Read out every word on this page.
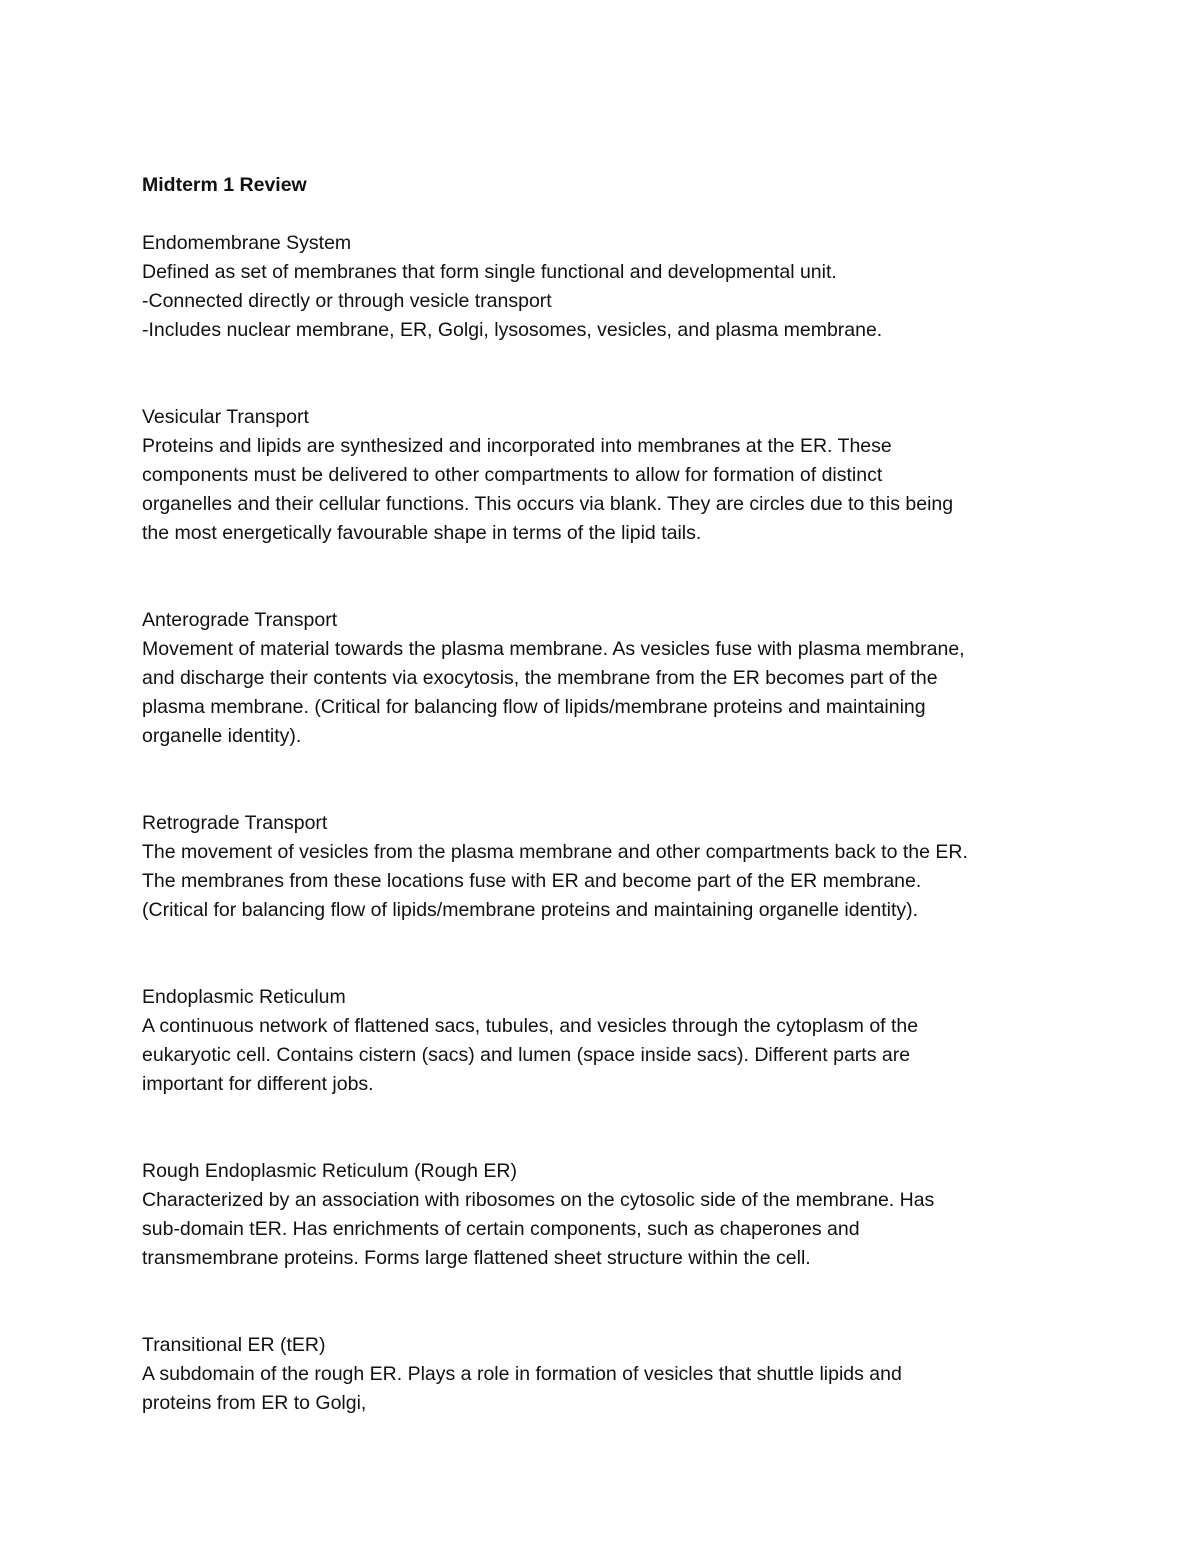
Midterm 1 Review
Endomembrane System
Defined as set of membranes that form single functional and developmental unit.
-Connected directly or through vesicle transport
-Includes nuclear membrane, ER, Golgi, lysosomes, vesicles, and plasma membrane.
Vesicular Transport
Proteins and lipids are synthesized and incorporated into membranes at the ER. These
components must be delivered to other compartments to allow for formation of distinct
organelles and their cellular functions. This occurs via blank. They are circles due to this being
the most energetically favourable shape in terms of the lipid tails.
Anterograde Transport
Movement of material towards the plasma membrane. As vesicles fuse with plasma membrane,
and discharge their contents via exocytosis, the membrane from the ER becomes part of the
plasma membrane. (Critical for balancing flow of lipids/membrane proteins and maintaining
organelle identity).
Retrograde Transport
The movement of vesicles from the plasma membrane and other compartments back to the ER.
The membranes from these locations fuse with ER and become part of the ER membrane.
(Critical for balancing flow of lipids/membrane proteins and maintaining organelle identity).
Endoplasmic Reticulum
A continuous network of flattened sacs, tubules, and vesicles through the cytoplasm of the
eukaryotic cell. Contains cistern (sacs) and lumen (space inside sacs). Different parts are
important for different jobs.
Rough Endoplasmic Reticulum (Rough ER)
Characterized by an association with ribosomes on the cytosolic side of the membrane. Has
sub-domain tER. Has enrichments of certain components, such as chaperones and
transmembrane proteins. Forms large flattened sheet structure within the cell.
Transitional ER (tER)
A subdomain of the rough ER. Plays a role in formation of vesicles that shuttle lipids and
proteins from ER to Golgi,
